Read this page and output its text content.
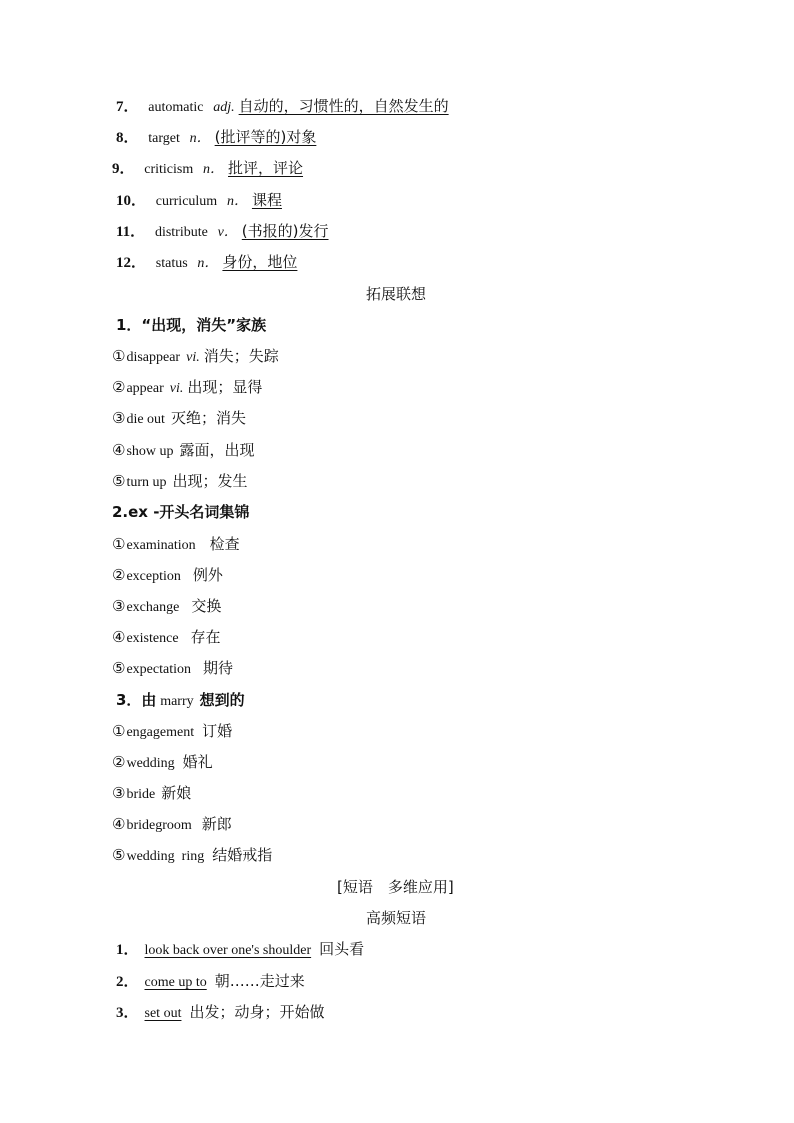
7． automatic adj. 自动的，习惯性的，自然发生的
8． target n． (批评等的)对象
9． criticism n． 批评，评论
10． curriculum n． 课程
11． distribute v． (书报的)发行
12． status n． 身份，地位
拓展联想
1．“出现，消失”家族
①disappear vi. 消失；失踪
②appear vi. 出现；显得
③die out 灭绝；消失
④show up 露面，出现
⑤turn up 出现；发生
2.ex -开头名词集锦
①examination 检查
②exception 例外
③exchange 交换
④existence 存在
⑤expectation 期待
3．由 marry 想到的
①engagement 订婚
②wedding 婚礼
③bride 新娘
④bridegroom 新郎
⑤wedding  ring 结婚戒指
[短语　多维应用]
高频短语
1． look back over one's shoulder 回头看
2． come up to 朝……走过来
3． set out 出发；动身；开始做
